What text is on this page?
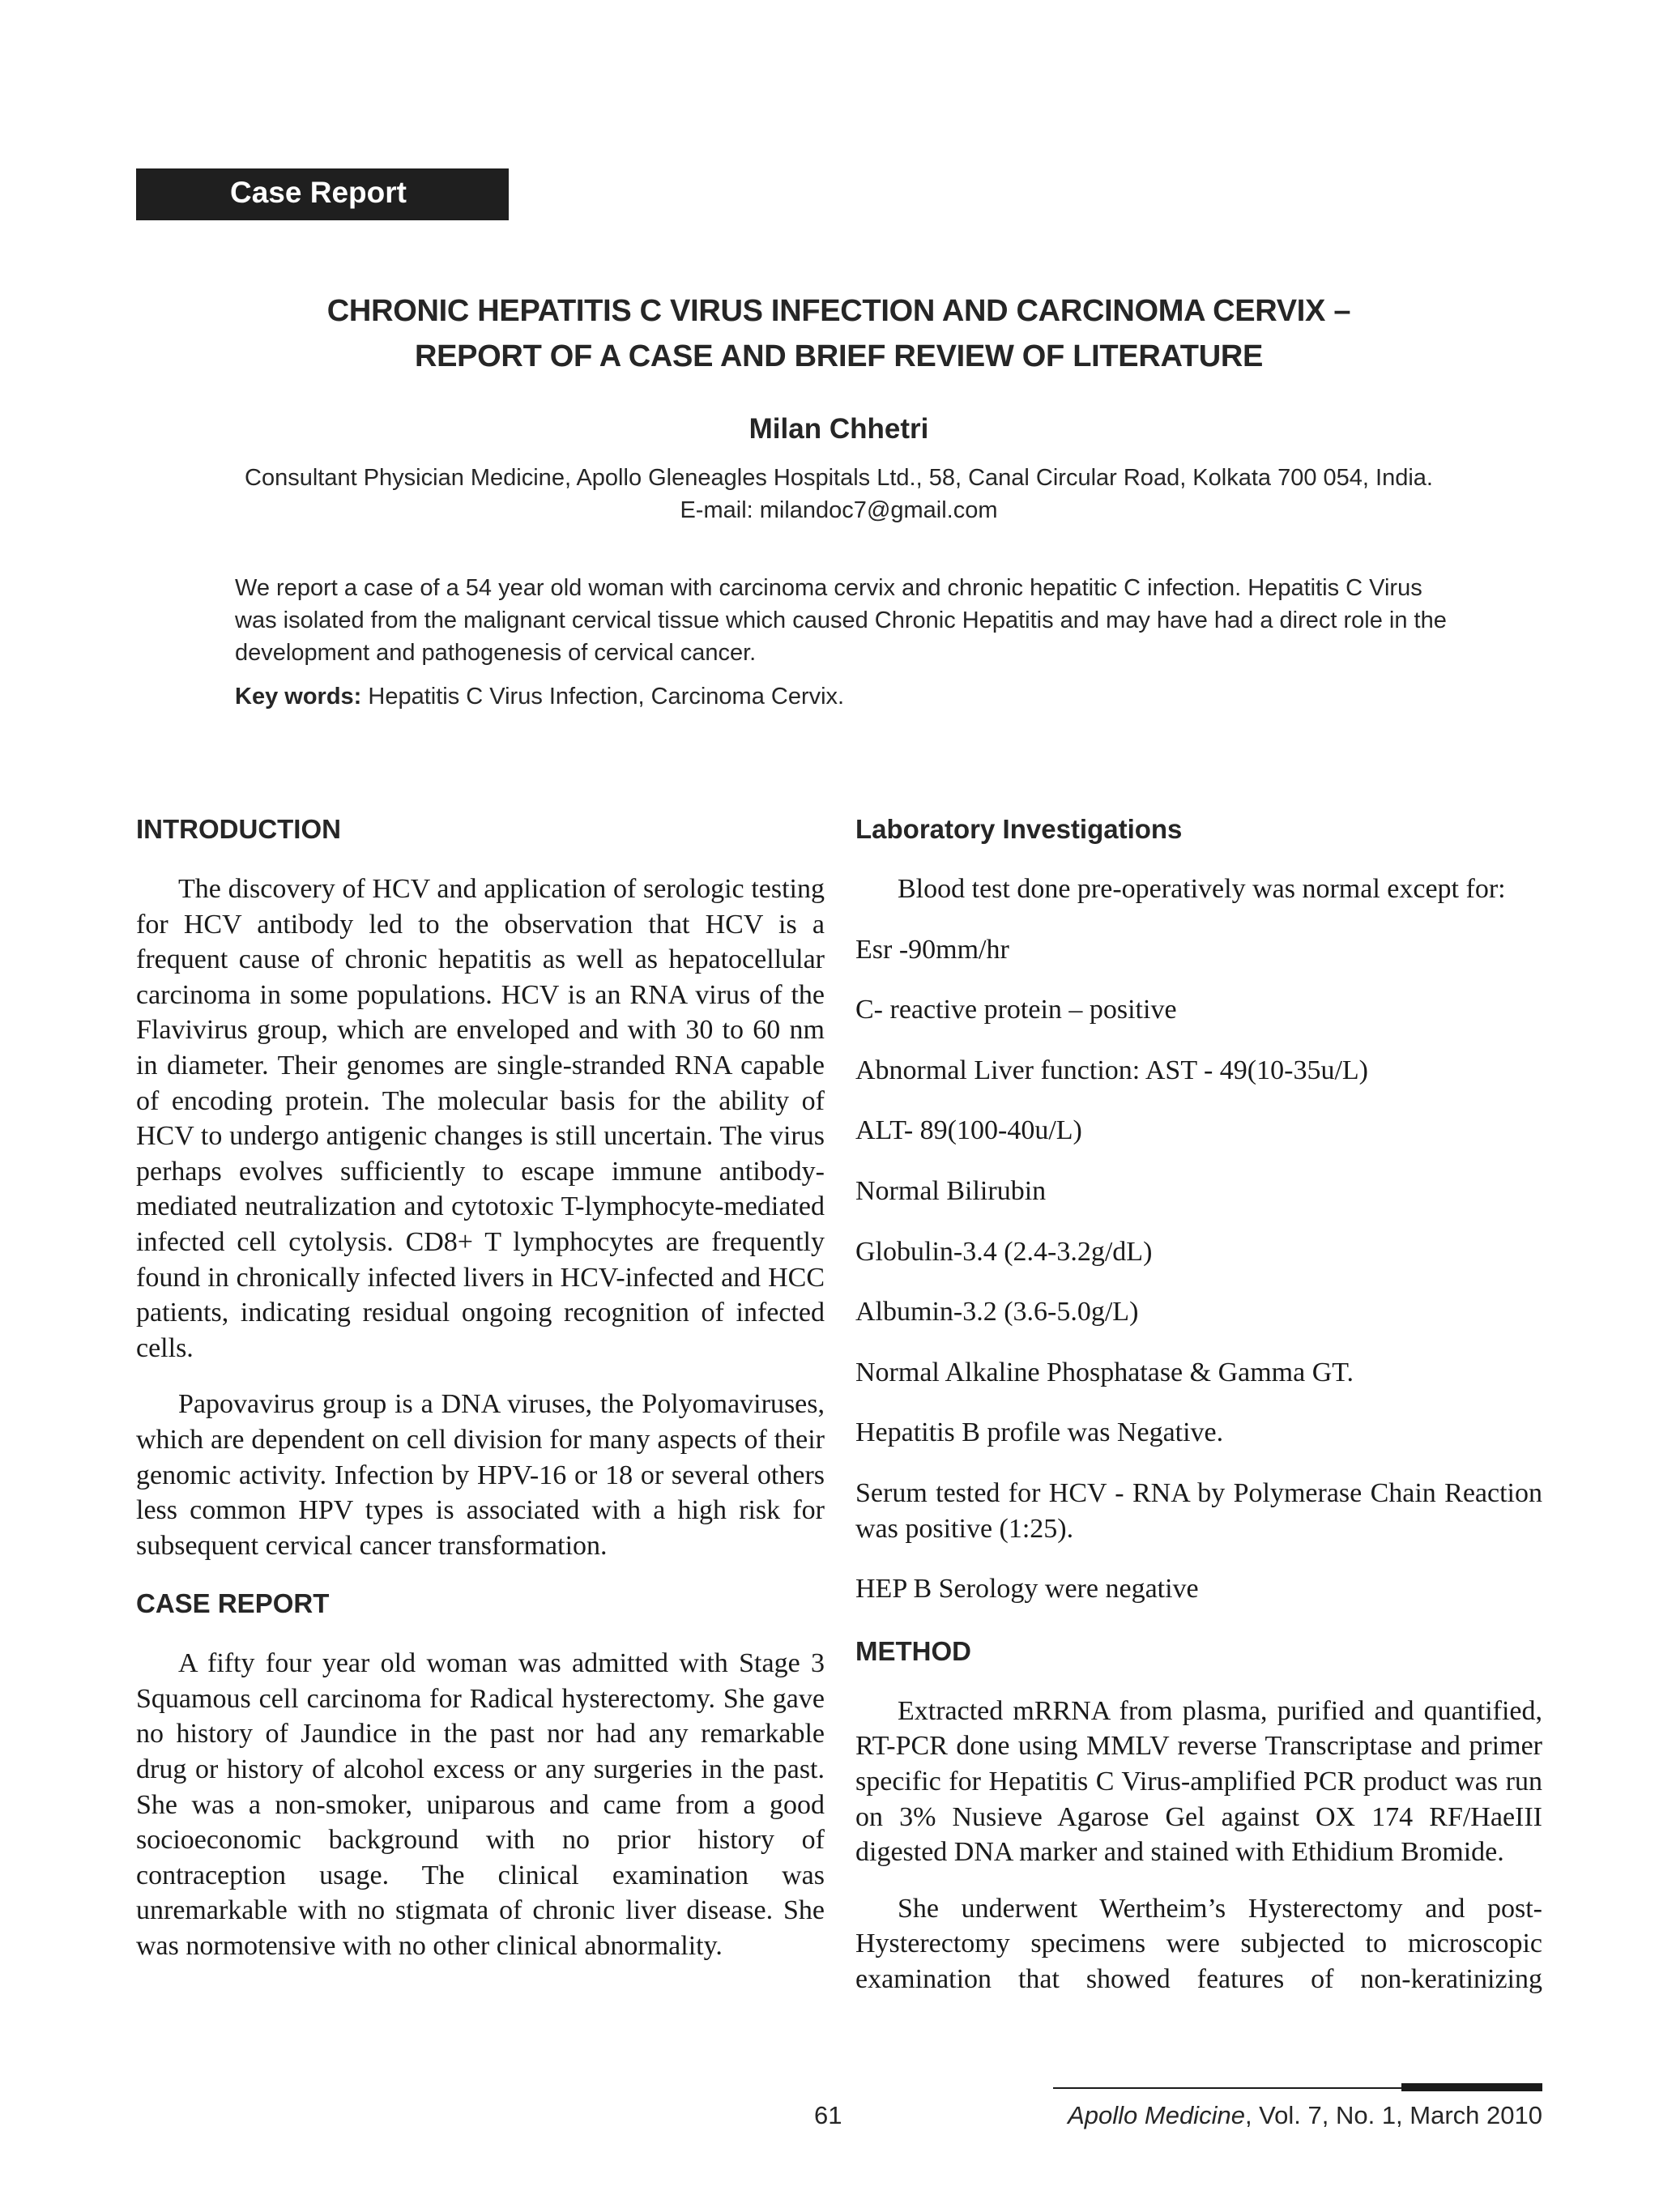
Case Report
CHRONIC HEPATITIS C VIRUS INFECTION AND CARCINOMA CERVIX –
REPORT OF A CASE AND BRIEF REVIEW OF LITERATURE
Milan Chhetri
Consultant Physician Medicine, Apollo Gleneagles Hospitals Ltd., 58, Canal Circular Road, Kolkata 700 054, India.
E-mail: milandoc7@gmail.com
We report a case of a 54 year old woman with carcinoma cervix and chronic hepatitic C infection. Hepatitis C Virus was isolated from the malignant cervical tissue which caused Chronic Hepatitis and may have had a direct role in the development and pathogenesis of cervical cancer.
Key words: Hepatitis C Virus Infection, Carcinoma Cervix.
INTRODUCTION

The discovery of HCV and application of serologic testing for HCV antibody led to the observation that HCV is a frequent cause of chronic hepatitis as well as hepatocellular carcinoma in some populations. HCV is an RNA virus of the Flavivirus group, which are enveloped and with 30 to 60 nm in diameter. Their genomes are single-stranded RNA capable of encoding protein. The molecular basis for the ability of HCV to undergo antigenic changes is still uncertain. The virus perhaps evolves sufficiently to escape immune antibody-mediated neutralization and cytotoxic T-lymphocyte-mediated infected cell cytolysis. CD8+ T lymphocytes are frequently found in chronically infected livers in HCV-infected and HCC patients, indicating residual ongoing recognition of infected cells.

Papovavirus group is a DNA viruses, the Polyomaviruses, which are dependent on cell division for many aspects of their genomic activity. Infection by HPV-16 or 18 or several others less common HPV types is associated with a high risk for subsequent cervical cancer transformation.

CASE REPORT

A fifty four year old woman was admitted with Stage 3 Squamous cell carcinoma for Radical hysterectomy. She gave no history of Jaundice in the past nor had any remarkable drug or history of alcohol excess or any surgeries in the past. She was a non-smoker, uniparous and came from a good socioeconomic background with no prior history of contraception usage. The clinical examination was unremarkable with no stigmata of chronic liver disease. She was normotensive with no other clinical abnormality.

Laboratory Investigations

Blood test done pre-operatively was normal except for:

Esr -90mm/hr

C- reactive protein – positive

Abnormal Liver function: AST - 49(10-35u/L)

ALT- 89(100-40u/L)

Normal Bilirubin

Globulin-3.4 (2.4-3.2g/dL)

Albumin-3.2 (3.6-5.0g/L)

Normal Alkaline Phosphatase & Gamma GT.

Hepatitis B profile was Negative.

Serum tested for HCV - RNA by Polymerase Chain Reaction was positive (1:25).

HEP B Serology were negative

METHOD

Extracted mRRNA from plasma, purified and quantified, RT-PCR done using MMLV reverse Transcriptase and primer specific for Hepatitis C Virus-amplified PCR product was run on 3% Nusieve Agarose Gel against OX 174 RF/HaeIII digested DNA marker and stained with Ethidium Bromide.

She underwent Wertheim’s Hysterectomy and post-Hysterectomy specimens were subjected to microscopic examination that showed features of non-keratinizing

61	Apollo Medicine, Vol. 7, No. 1, March 2010
